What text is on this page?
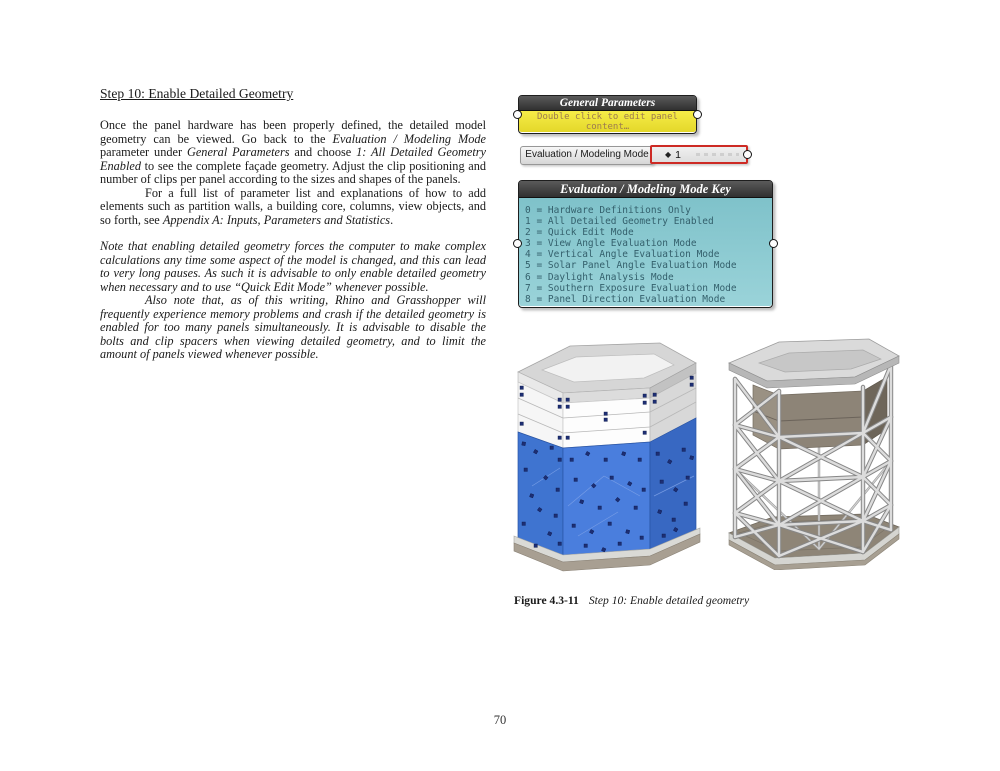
Step 10: Enable Detailed Geometry

Once the panel hardware has been properly defined, the detailed model geometry can be viewed. Go back to the Evaluation / Modeling Mode parameter under General Parameters and choose 1: All Detailed Geometry Enabled to see the complete façade geometry. Adjust the clip positioning and number of clips per panel according to the sizes and shapes of the panels.

For a full list of parameter list and explanations of how to add elements such as partition walls, a building core, columns, view objects, and so forth, see Appendix A: Inputs, Parameters and Statistics.

Note that enabling detailed geometry forces the computer to make complex calculations any time some aspect of the model is changed, and this can lead to very long pauses. As such it is advisable to only enable detailed geometry when necessary and to use “Quick Edit Mode” whenever possible.

Also note that, as of this writing, Rhino and Grasshopper will frequently experience memory problems and crash if the detailed geometry is enabled for too many panels simultaneously. It is advisable to disable the bolts and clip spacers when viewing detailed geometry, and to limit the amount of panels viewed whenever possible.

General Parameters
Double click to edit panel content…
Evaluation / Modeling Mode	◆ 1
Evaluation / Modeling Mode Key
0 = Hardware Definitions Only
1 = All Detailed Geometry Enabled
2 = Quick Edit Mode
3 = View Angle Evaluation Mode
4 = Vertical Angle Evaluation Mode
5 = Solar Panel Angle Evaluation Mode
6 = Daylight Analysis Mode
7 = Southern Exposure Evaluation Mode
8 = Panel Direction Evaluation Mode
Figure 4.3-11 Step 10: Enable detailed geometry
70
